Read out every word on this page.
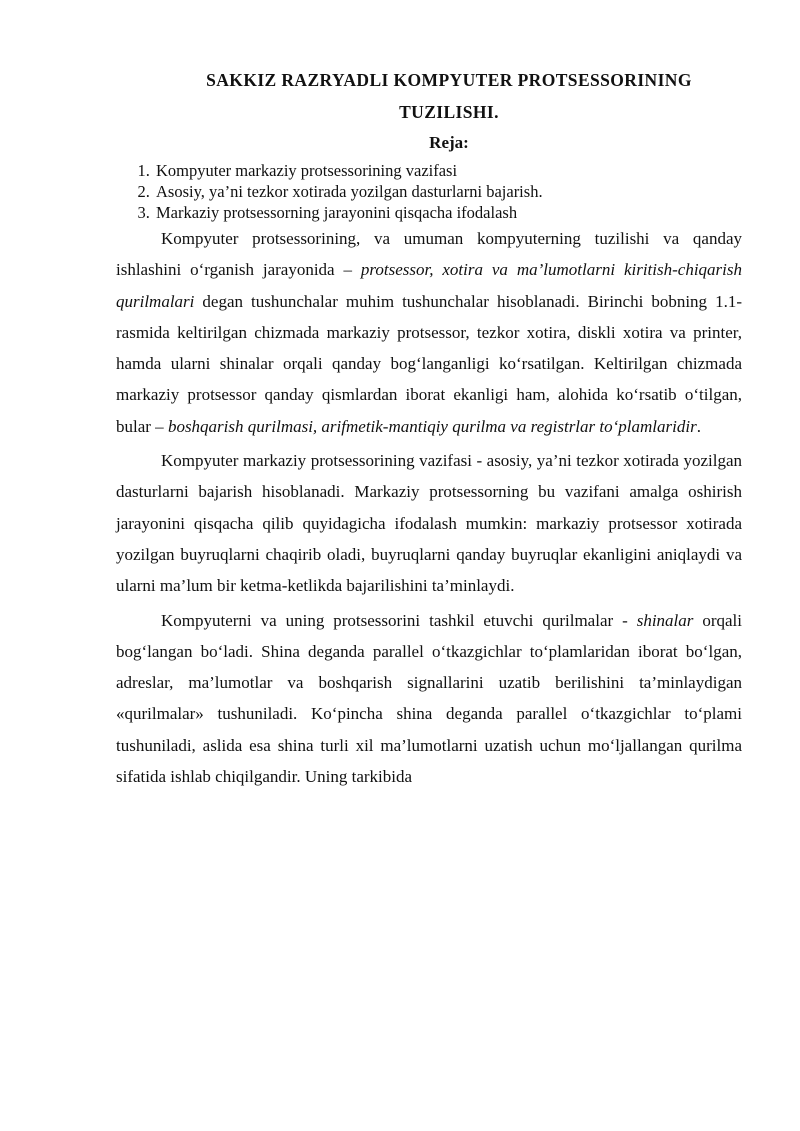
SAKKIZ RAZRYADLI KOMPYUTER PROTSESSORINING
TUZILISHI.
Reja:
1. Kompyuter markaziy protsessorining vazifasi
2. Asosiy, ya’ni tezkor xotirada yozilgan dasturlarni bajarish.
3. Markaziy protsessorning jarayonini qisqacha ifodalash

Kompyuter protsessorining, va umuman kompyuterning tuzilishi va qanday ishlashini o‘rganish jarayonida – protsessor, xotira va ma’lumotlarni kiritish-chiqarish qurilmalari degan tushunchalar muhim tushunchalar hisoblanadi. Birinchi bobning 1.1-rasmida keltirilgan chizmada markaziy protsessor, tezkor xotira, diskli xotira va printer, hamda ularni shinalar orqali qanday bog‘langanligi ko‘rsatilgan. Keltirilgan chizmada markaziy protsessor qanday qismlardan iborat ekanligi ham, alohida ko‘rsatib o‘tilgan, bular – boshqarish qurilmasi, arifmetik-mantiqiy qurilma va registrlar to‘plamlaridir.

Kompyuter markaziy protsessorining vazifasi - asosiy, ya’ni tezkor xotirada yozilgan dasturlarni bajarish hisoblanadi. Markaziy protsessorning bu vazifani amalga oshirish jarayonini qisqacha qilib quyidagicha ifodalash mumkin: markaziy protsessor xotirada yozilgan buyruqlarni chaqirib oladi, buyruqlarni qanday buyruqlar ekanligini aniqlaydi va ularni ma’lum bir ketma-ketlikda bajarilishini ta’minlaydi.

Kompyuterni va uning protsessorini tashkil etuvchi qurilmalar - shinalar orqali bog‘langan bo‘ladi. Shina deganda parallel o‘tkazgichlar to‘plamlaridan iborat bo‘lgan, adreslar, ma’lumotlar va boshqarish signallarini uzatib berilishini ta’minlaydigan «qurilmalar» tushuniladi. Ko‘pincha shina deganda parallel o‘tkazgichlar to‘plami tushuniladi, aslida esa shina turli xil ma’lumotlarni uzatish uchun mo‘ljallangan qurilma sifatida ishlab chiqilgandir. Uning tarkibida
